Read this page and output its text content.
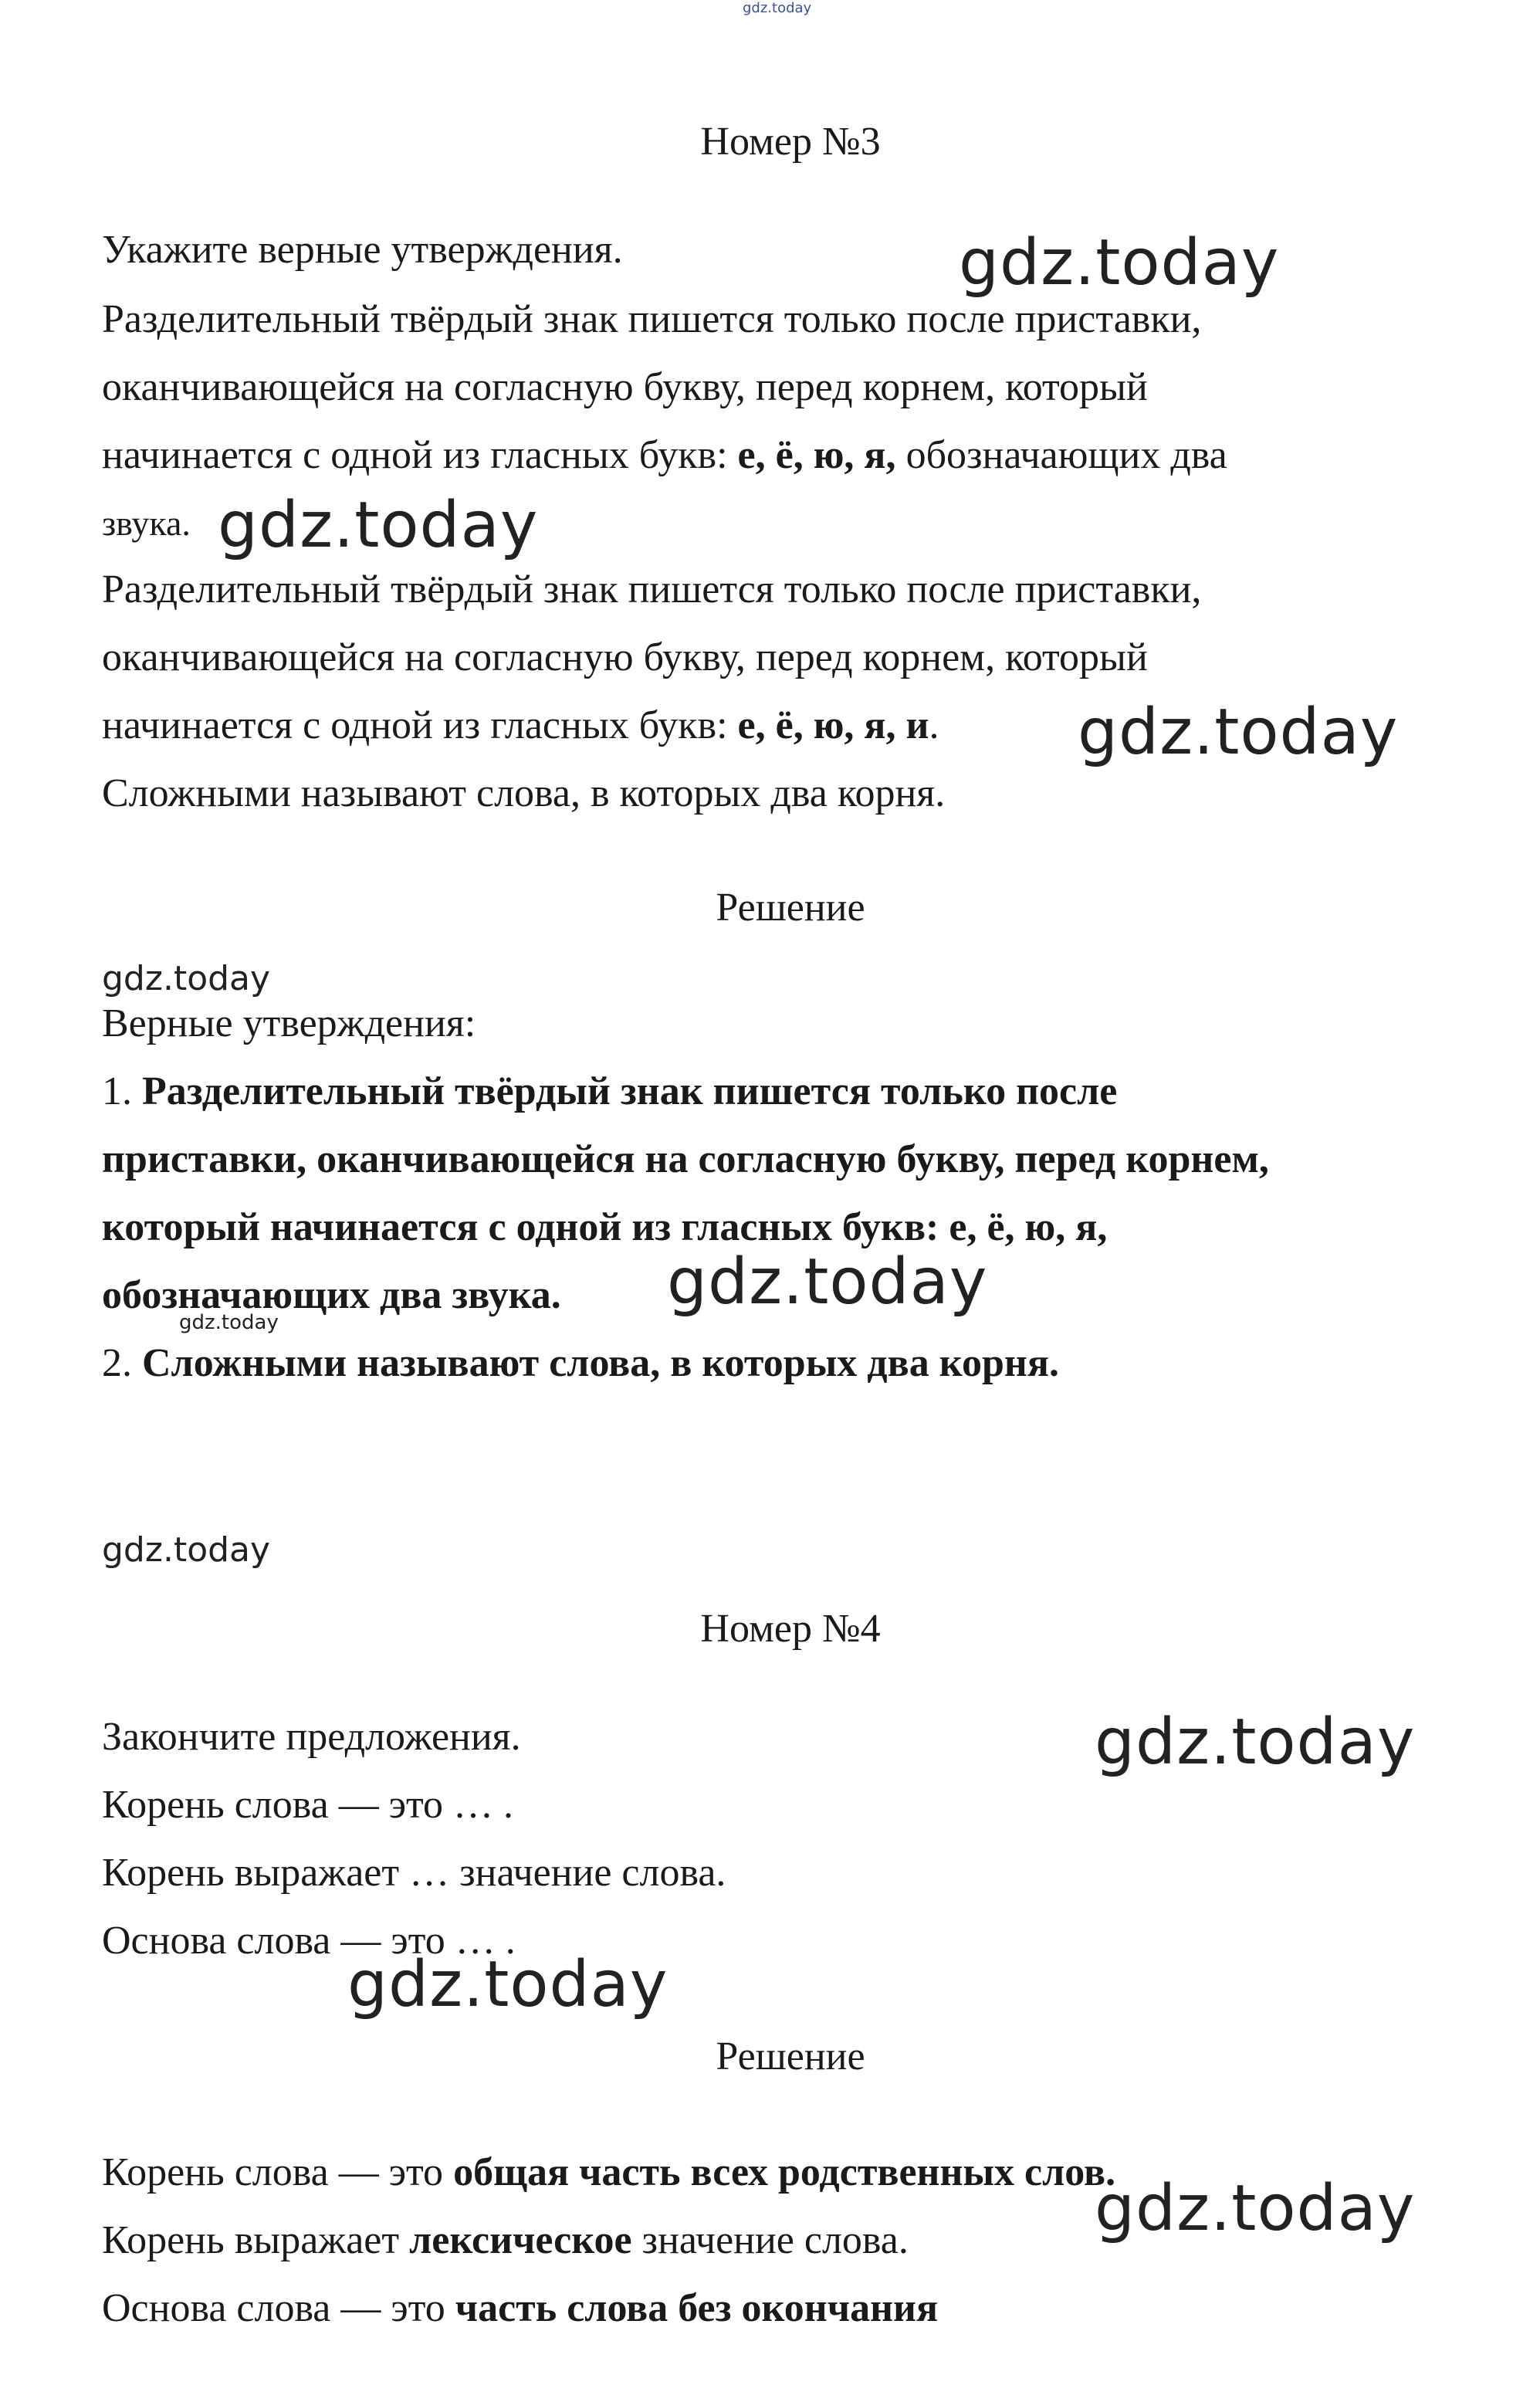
gdz.today
gdz.today
gdz.today
gdz.today
gdz.today
gdz.today
gdz.today
gdz.today
gdz.today
gdz.today
gdz.today
Номер №3
Укажите верные утверждения.
Разделительный твёрдый знак пишется только после приставки,
оканчивающейся на согласную букву, перед корнем, который
начинается с одной из гласных букв: е, ё, ю, я, обозначающих два
звука.
Разделительный твёрдый знак пишется только после приставки,
оканчивающейся на согласную букву, перед корнем, который
начинается с одной из гласных букв: е, ё, ю, я, и.
Сложными называют слова, в которых два корня.
Решение
Верные утверждения:
1. Разделительный твёрдый знак пишется только после
приставки, оканчивающейся на согласную букву, перед корнем,
который начинается с одной из гласных букв: е, ё, ю, я,
обозначающих два звука.
2. Сложными называют слова, в которых два корня.
Номер №4
Закончите предложения.
Корень слова — это … .
Корень выражает … значение слова.
Основа слова — это … .
Решение
Корень слова — это общая часть всех родственных слов.
Корень выражает лексическое значение слова.
Основа слова — это часть слова без окончания
